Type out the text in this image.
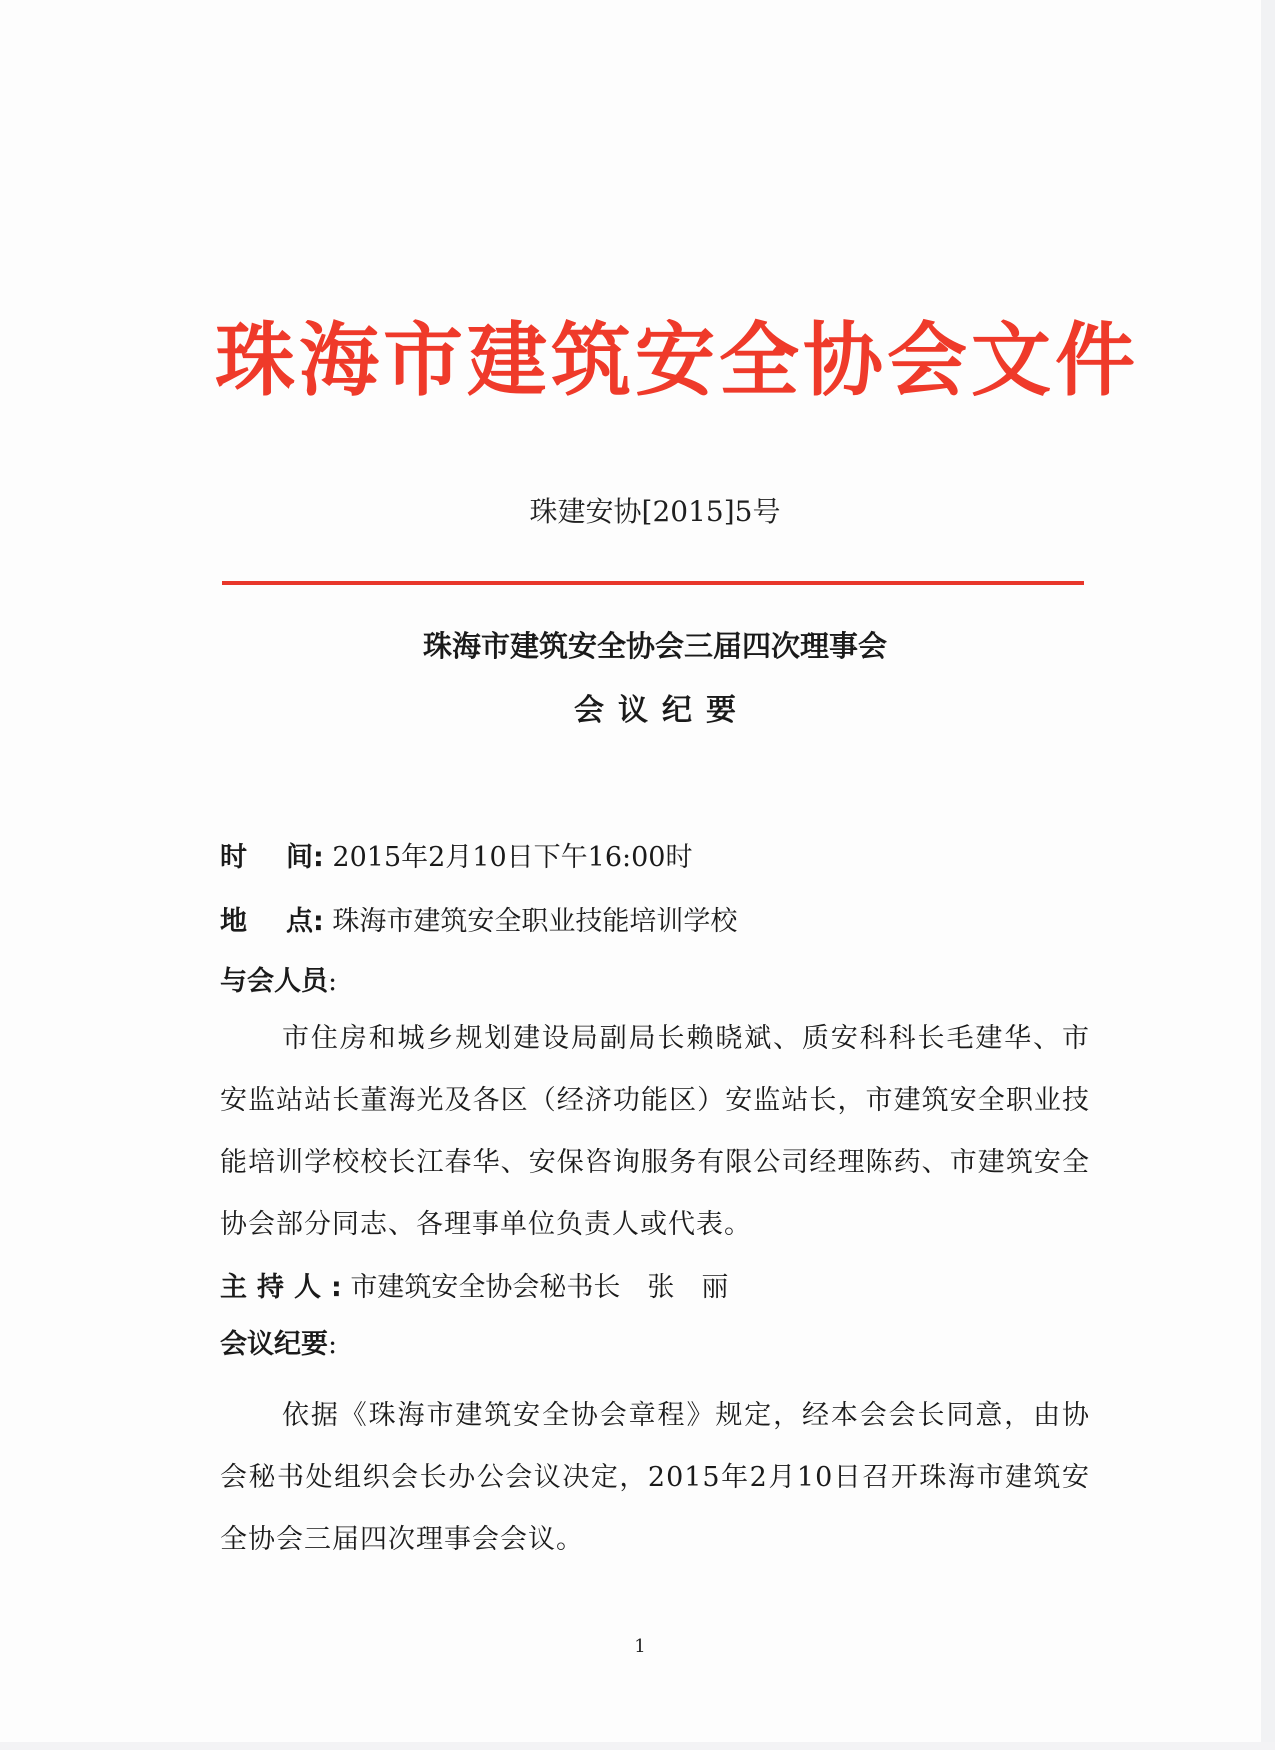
珠海市建筑安全协会文件
珠建安协[2015]5号
珠海市建筑安全协会三届四次理事会
会议纪要
时 间 : 2015年2月10日下午16:00时
地 点 : 珠海市建筑安全职业技能培训学校
与会人员:
市住房和城乡规划建设局副局长赖晓斌、质安科科长毛建华、市安监站站长董海光及各区（经济功能区）安监站长，市建筑安全职业技能培训学校校长江春华、安保咨询服务有限公司经理陈药、市建筑安全协会部分同志、各理事单位负责人或代表。
主持人: 市建筑安全协会秘书长　张　丽
会议纪要:
依据《珠海市建筑安全协会章程》规定，经本会会长同意，由协会秘书处组织会长办公会议决定，2015年2月10日召开珠海市建筑安全协会三届四次理事会会议。
1
